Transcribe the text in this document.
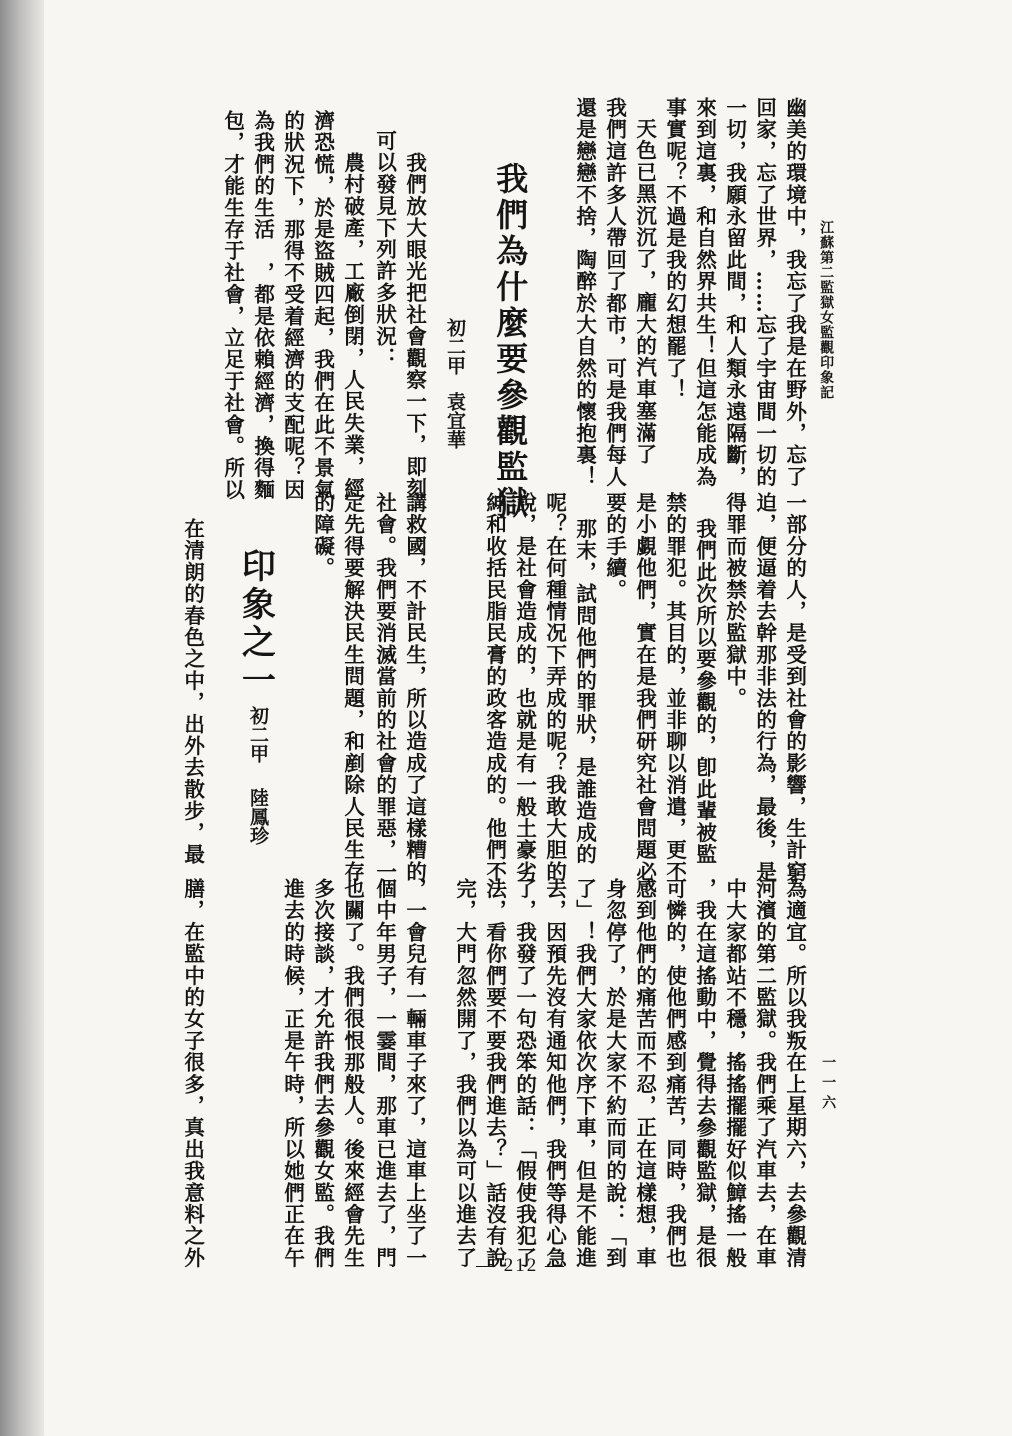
江蘇第二監獄女監觀印象記
一一六
幽美的環境中，我忘了我是在野外，忘了
回家，忘了世界，……忘了宇宙間一切的
一切，我願永留此間，和人類永遠隔斷，
來到這裏，和自然界共生！但這怎能成為
事實呢？不過是我的幻想罷了！
天色已黑沉沉了，龐大的汽車塞滿了
我們這許多人帶回了都市，可是我們每人
還是戀戀不捨，陶醉於大自然的懷抱裏！
我們為什麼要參觀監獄
初二甲
袁宜華
我們放大眼光把社會觀察一下，即刻
可以發見下列許多狀況：
農村破產，工廠倒閉，人民失業，經
濟恐慌，於是盜賊四起，我們在此不景氣
的狀況下，那得不受着經濟的支配呢？因
為我們的生活　，都是依賴經濟，換得麵
包，才能生存于社會，立足于社會。所以
一部分的人，是受到社會的影響，生計窮
迫，便逼着去幹那非法的行為，最後，是
得罪而被禁於監獄中。
我們此次所以要參觀的，卽此輩被監
禁的罪犯。其目的，並非聊以消遣，更不
是小覷他們，實在是我們研究社會問題必
要的手續。
那末，試問他們的罪狀，是誰造成的
呢？在何種情况下弄成的呢？我敢大胆的
說，是社會造成的，也就是有一般土豪劣
紳和收括民脂民膏的政客造成的。他們不
講救國，不計民生，所以造成了這樣糟的
社會。我們要消滅當前的社會的罪惡，一
定先得要解決民生問題，和剷除人民生存
的障礙。
印象之一
初二甲
陸鳳珍
在清朗的春色之中，出外去散步，最
為適宜。所以我叛在上星期六，去參觀清
河濱的第二監獄。我們乘了汽車去，在車
中大家都站不穩，搖搖擺擺好似鱆搖一般
，我在這搖動中，覺得去參觀監獄，是很
可憐的，使他們感到痛苦，同時，我們也
感到他們的痛苦而不忍，正在這樣想，車
身忽停了，於是大家不約而同的說：「到
了」！我們大家依次序下車，但是不能進
去，因預先沒有通知他們，我們等得心急
了，我發了一句恐笨的話：「假使我犯了
法，看你們要不要我們進去？」話沒有說
完，大門忽然開了，我們以為可以進去了
，一會兒有一輛車子來了，這車上坐了一
個中年男子，一霎間，那車已進去了，門
也關了。我們很恨那般人。後來經會先生
多次接談，才允許我們去參觀女監。我們
進去的時候，正是午時，所以她們正在午
膳，在監中的女子很多，真出我意料之外	— 212 —
